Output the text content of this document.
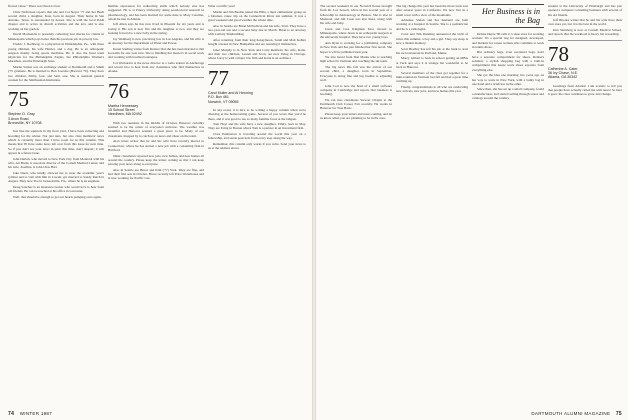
flowed value." There son Owen is four.

Chris Nicholson reports that she and Cal Neyer '77 and her Bush second child, a daughter, Kate, born in August. Their home in San Antonio, Texas, is surrounded by horses. She is with the local DAR chapter and is active in church activities and the arts, and is also working on her garden.

David Mackenzie is presently collecting bad checks for clients in Minneapolis which pays better than his previous job in poverty law.

Fredric J. Rothberg, is a physician in Philadelphia, Pa., with three young children, his wife Harriet, and a dog. He is an orthopedic surgeon mainly doing sports medicine. He is also the head team physician for the Philadelphia Eagles, the Philadelphia Women's Marathon, and the Pittsburgh Stars.

Martin Sutton was an exchange student at Dartmouth and a Smith ('75 graduate. He is married to Bob Loewke (Harvard '79). They have two children, Emily, four, and Sam, one. She is assistant general counsel for the Smithsonian Institution.

75
Stephen D. Gray
3 Avon Road
Bronxville, NY 10708

Just like the squirrels in my front yard, I have been collecting and hoarding for the winter. Not just nuts, but also class members' news which is currently more than I have room for in this column. This means that I'll have some news left over from this issue for next time. So if you don't see your news in print this time, don't despair; it will appear in a future issue.

John Durbin, who moved to New York City from Montreal with his wife, Art Bruni, is associate director of the Cornell Medical Center, and his wife, Josefina, is John Chas Hart.

Jake Duerr, who kindly allowed me to wear the academic year's symbol and to visit with him in Lowell, got married to Sandy Reich in August. They now live in Jacksonville, Fla., where he is an engineer.

Doug Sanchez is an insurance broker who would love to hear from old friends. He can be reached at his office in Lancaster.

Well, that should be enough to get our hearts pumping once again.

humble expression for redirecting skills which nobody else has suggested. He is at Emory University doing postdoctoral research in pharmacology, and has been married for some time to Mary Caroline, whom he met in Atlanta.

Jeff Allen says he has now lived in Phoenix for six years and is loving it. His son is now five and his daughter is two, and they are looking forward to a new baby in the spring.

Jay Weinberg is now practicing law in Los Angeles, and his wife is an attorney for the Department of Water and Power.

Karen Sterling writes from Denver that she has been married to Jim Gosselin for one year now. She is finishing her master's in social work and working with troubled teenagers.

Cal Warburton is the news director at a radio station in Anchorage and would love to hear from any classmates who find themselves in Alaska.

76
Martha Hennessey
15 School Street
Needham, MA 02492

With two reunions in the middle of October, Hanover certainly seemed to be the center of everyone's universe. The weather was beautiful and Hanover seemed a great place to be. Many of our classmates dropped by to catch up on news and cheer on the team.

Alan Jones writes that he and his wife have recently moved to Connecticut, where he has started a new job with a consulting firm in Hartford.

Other classmates reported new jobs, new babies, and new homes all around the country. Please keep the letters coming so that I can keep passing your news along to everyone.

Also in Seattle are Bruce and Kim ('77) York. They are fine, and had their first son in October. Bruce recently left Price Waterhouse and is now working for Pacific Gas.

What a terrific year!

Martin and Jim Beattie joined the Hills, a most enthusiastic group on a fabulous canoe trip on the Connecticut River last summer. It was a great weekend and good weather the whole time.

Also in Seattle are Brian McEachran and his wife, Terri. They have a two-year-old son and a second baby due in March. Brian is an attorney with Century Shipbuilding.

After returning from their long honeymoon, Sarah and Matt Kohler bought a house in New Hampshire and are restoring it themselves.

Janet Murphy is in New York and Larry Renfield, his wife, Katie, and their two children, Lauren and Scott, are now living in Chicago, where Larry is with a major law firm and Katie is an architect.

77
Carol Muller and Al Henning
P.O. Box 461
Norwich, VT 05055

In any event, it is nice to be writing a happy column when we're cheering at the homecoming game. Several of you wrote that you'd be there, and it was good to see so many familiar faces at the tailgate.

Tom Hoyt and his wife have a new daughter, Emily, born in May. They are living in Boston where Tom is a partner in an investment firm.

Clare Pemberton is traveling around the world this year on a fellowship, and sends postcards from every stop along the way.

Remember, this column only works if you write. Send your news to us at the address above.

74 WINTER 1987

The second weekend in our Norwich house brought from Dr. Lee Sewell, who's in her second year of a fellowship in dermatology in Boston. She is also in Montreal, and Jim Cook was also there, along with his wife and baby.

Jason and Lisa Kingman have moved to Minneapolis, where Jason is an orthopedic surgeon at the university hospital. They have two young boys.

Ann Ryan is working for a publishing company in New York and has just finished her first novel. She hopes it will be published next year.

We also heard from Dan Marks who is teaching high school in Vermont and coaching the ski team.

The big news this fall was the arrival of our second child, a daughter, born in September. Everyone is doing fine and big brother is adjusting well.

John Cort is now the head of a small software company in Cambridge and reports that business is booming.

We ran into classmates Stewart Chapin at the Dartmouth Club Career Fair recently. He works in Hanover for True Basic.

Please keep your letters and notes coming, and let us know when you are planning to be in the area.

The big change this year has been the move back east after several years in California. We now live in a small town with a view of the mountains.

Adrienne Stefan and her husband are both working at a hospital in Seattle. She is a pediatrician and he is a radiologist.

Carol and Tim Dunning announced the birth of twins this summer, a boy and a girl. They say sleep is now a distant memory.

Scott Bradley has left his job at the bank to start his own restaurant in Portland, Maine.

Marcy Gilbert is back in school getting an MBA at Tuck and says it is strange but wonderful to be back in Hanover.

Several members of the class got together for a mini-reunion in Vermont last fall and had a great time catching up.

Finally, congratulations to all who are celebrating new arrivals, new jobs, and new homes this year.

Her Business is in the Bag

Denise Dupre '80 calls it 'a shoe store for working women.' It's a special bag for designed, developed, and markets for career women who commute to work in tennis shoes.

But ordinary bags, even oversized bags, don't have a separate compartment for shoes. Denise's solution: a stylish shopping bag with a built-in compartment that keeps work shoes separate from everything else.

She got the idea one morning two years ago on her way to work in New York, with a bulky bag in one hand and a briefcase in the other.

Since then, she has set up a small company, found a manufacturer, and started selling through stores and catalogs around the country.

student at the University of Pittsburgh and has just opened a computer consulting business with several of his old friends.

Jeff Rhodes writes that he and his wife have their own store yet, but it is the best in the world.

Dan Steinberg is now at Cornell Medical School, and reports that the workload is heavy but rewarding.

78
Catherine A. Cater
36 Ivy Chase, N.E.
Atlanta, GA 30342

Greetings from Atlanta! I am ecstatic to tell you that people have actually called me with news! So here it goes: the class continues to grow and change.

DARTMOUTH ALUMNI MAGAZINE 75
